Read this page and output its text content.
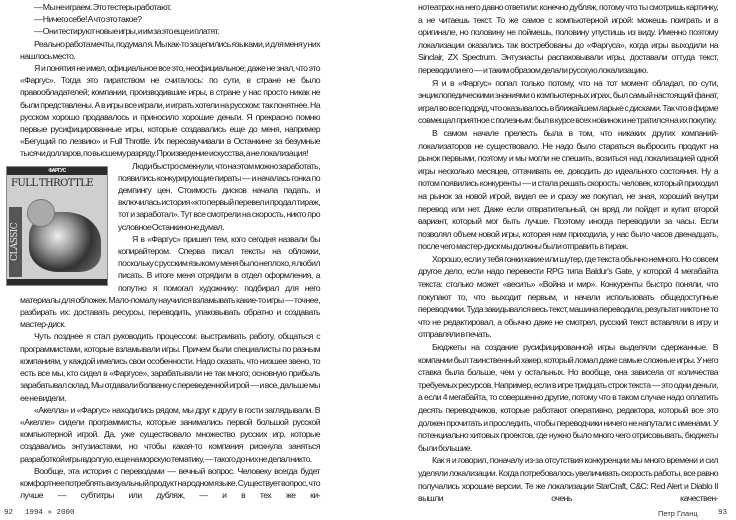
— Мы не играем. Это тестеры работают.

— Ничего себе! А что это такое?

— Они тестируют новые игры, и им за это еще и платят.

Реально работа мечты, подумал я. Мы как-то зацепились языками, и для меня у них нашлось место.

Я и понятия не имел, официальное все это, неофициальное; даже не знал, что это «Фаргус». Тогда это пиратством не считалось: по сути, в стране не было правообладателей; компании, производившие игры, в стране у нас просто никак не были представлены. А в игры все играли, и играть хотели на русском: так понятнее. На русском хорошо продавалось и приносило хорошие деньги. Я прекрасно помню первые русифицированные игры, которые создавались еще до меня, например «Бегущий по лезвию» и Full Throttle. Их переозвучивали в Останкине за безумные тысячи долларов, по высшему разряду. Произведение искусства, а не локализация!

ФАРГУС
FULL THROTTLE
CLASSIC

Люди быстро смекнули, что на этом можно заработать, появились конкурирующие пираты — и началась гонка по демпингу цен. Стоимость дисков начала падать, и включилась история «кто первый перевел и продал тираж, тот и заработал». Тут все смотрели на скорость, никто про условное Останкино не думал.

Я в «Фаргус» пришел тем, кого сегодня назвали бы копирайтером. Сперва писал тексты на обложки, поскольку с русским языком у меня было неплохо, я любил писать. В итоге меня отрядили в отдел оформления, а попутно я помогал художнику: подбирал для него материалы для обложек. Мало-помалу научился взламывать какие-то игры — точнее, разбирать их: доставать ресурсы, переводить, упаковывать обратно и создавать мастер-диск.

Чуть позднее я стал руководить процессом: выстраивать работу, общаться с программистами, которые взламывали игры. Причем были специалисты по разным компаниям, у каждой имелись свои особенности. Надо сказать, что низшее звено, то есть все мы, кто сидел в «Фаргусе», зарабатывали не так много; основную прибыль зарабатывал склад. Мы отдавали болванку с переведенной игрой — и все, дальше мы ее не видели.

«Акелла» и «Фаргус» находились рядом, мы друг к другу в гости заглядывали. В «Акелле» сидели программисты, которые занимались первой большой русской компьютерной игрой. Да, уже существовало множество русских игр, которые создавались энтузиастами, но чтобы какая-то компания рискнула заняться разработкой игры вдолгую, еще на морскую тематику, — такого до них не делал никто.

Вообще, эта история с переводами — вечный вопрос. Человеку всегда будет комфортнее потреблять визуальный продукт на родном языке. Существует вопрос, что лучше — субтитры или дубляж, — и в тех же ки-

92 1994 » 2000

нотеатрах на него давно ответили: конечно дубляж, потому что ты смотришь картинку, а не читаешь текст. То же самое с компьютерной игрой: можешь поиграть и в оригинале, но половину не поймешь, половину упустишь из виду. Именно поэтому локализации оказались так востребованы до «Фаргуса», когда игры выходили на Sinclair, ZX Spectrum. Энтузиасты распаковывали игры, доставали оттуда текст, переводили его — и таким образом делали русскую локализацию.

Я и в «Фаргус» попал только потому, что на тот момент обладал, по сути, энциклопедическими знаниями о компьютерных играх, был самый настоящий фанат, играл во все подряд, что оказывалось в ближайшем ларьке с дисками. Так что в фирме совмещал приятное с полезным: был в курсе всех новинок и не тратился на их покупку.

В самом начале прелесть была в том, что никаких других компаний-локализаторов не существовало. Не надо было стараться выбросить продукт на рынок первыми, поэтому и мы могли не спешить, возиться над локализацией одной игры несколько месяцев, оттачивать ее, доводить до идеального состояния. Ну а потом появились конкуренты — и стала решать скорость: человек, который приходил на рынок за новой игрой, видел ее и сразу же покупал, не зная, хороший внутри перевод или нет. Даже если отвратительный, он вряд ли пойдет и купит второй вариант, который мог быть лучше. Поэтому иногда переводили за часы. Если позволял объем новой игры, которая нам приходила, у нас было часов двенадцать, после чего мастер-диск мы должны были отправить в тираж.

Хорошо, если у тебя гонки какие или шутер, где текста обычно немного. Но совсем другое дело, если надо перевести RPG типа Baldur's Gate, у которой 4 мегабайта текста: столько может «весить» «Война и мир». Конкуренты быстро поняли, что покупают то, что выходит первым, и начали использовать общедоступные переводчики. Туда закидывался весь текст, машина переводила, результат никто не то что не редактировал, а обычно даже не смотрел, русский текст вставляли в игру и отправляли в печать.

Бюджеты на создание русифицированной игры выделяли сдержанные. В компании был таинственный хакер, который ломал даже самые сложные игры. У него ставка была больше, чем у остальных. Но вообще, она зависела от количества требуемых ресурсов. Например, если в игре тридцать строк текста — это одни деньги, а если 4 мегабайта, то совершенно другие, потому что в таком случае надо оплатить десять переводчиков, которые работают оперативно, редактора, который все это должен прочитать и проследить, чтобы переводчики ничего не напутали с именами. У потенциально хитовых проектов, где нужно было много чего отрисовывать, бюджеты были большие.

Как я и говорил, поначалу из-за отсутствия конкуренции мы много времени и сил уделяли локализации. Когда потребовалось увеличивать скорость работы, все равно получались хорошие версии. Те же локализации StarCraft, C&C: Red Alert и Diablo II вышли очень качествен-

Петр Гланц	93
